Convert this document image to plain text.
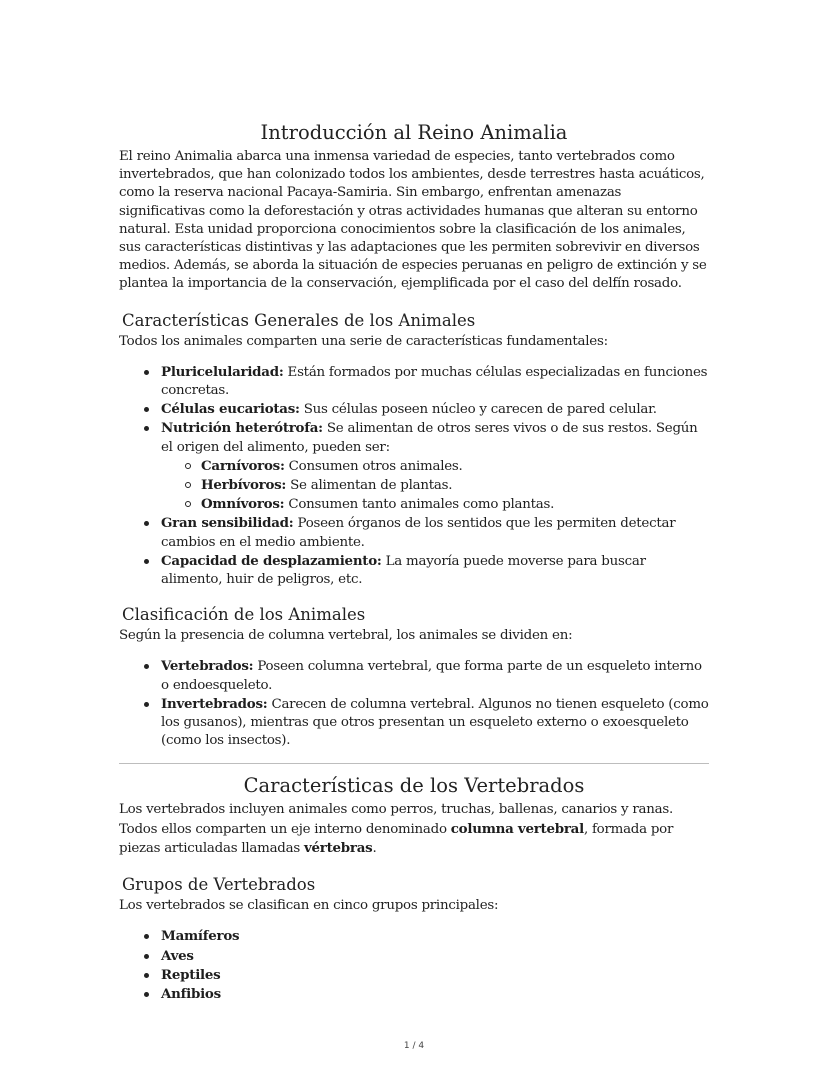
Introducción al Reino Animalia

El reino Animalia abarca una inmensa variedad de especies, tanto vertebrados como invertebrados, que han colonizado todos los ambientes, desde terrestres hasta acuáticos, como la reserva nacional Pacaya-Samiria. Sin embargo, enfrentan amenazas significativas como la deforestación y otras actividades humanas que alteran su entorno natural. Esta unidad proporciona conocimientos sobre la clasificación de los animales, sus características distintivas y las adaptaciones que les permiten sobrevivir en diversos medios. Además, se aborda la situación de especies peruanas en peligro de extinción y se plantea la importancia de la conservación, ejemplificada por el caso del delfín rosado.

Características Generales de los Animales

Todos los animales comparten una serie de características fundamentales:

Pluricelularidad: Están formados por muchas células especializadas en funciones concretas.
Células eucariotas: Sus células poseen núcleo y carecen de pared celular.
Nutrición heterótrofa: Se alimentan de otros seres vivos o de sus restos. Según el origen del alimento, pueden ser:
Carnívoros: Consumen otros animales.
Herbívoros: Se alimentan de plantas.
Omnívoros: Consumen tanto animales como plantas.
Gran sensibilidad: Poseen órganos de los sentidos que les permiten detectar cambios en el medio ambiente.
Capacidad de desplazamiento: La mayoría puede moverse para buscar alimento, huir de peligros, etc.
Clasificación de los Animales

Según la presencia de columna vertebral, los animales se dividen en:

Vertebrados: Poseen columna vertebral, que forma parte de un esqueleto interno o endoesqueleto.
Invertebrados: Carecen de columna vertebral. Algunos no tienen esqueleto (como los gusanos), mientras que otros presentan un esqueleto externo o exoesqueleto (como los insectos).
Características de los Vertebrados

Los vertebrados incluyen animales como perros, truchas, ballenas, canarios y ranas. Todos ellos comparten un eje interno denominado columna vertebral, formada por piezas articuladas llamadas vértebras.

Grupos de Vertebrados

Los vertebrados se clasifican en cinco grupos principales:

Mamíferos
Aves
Reptiles
Anfibios
1 / 4
